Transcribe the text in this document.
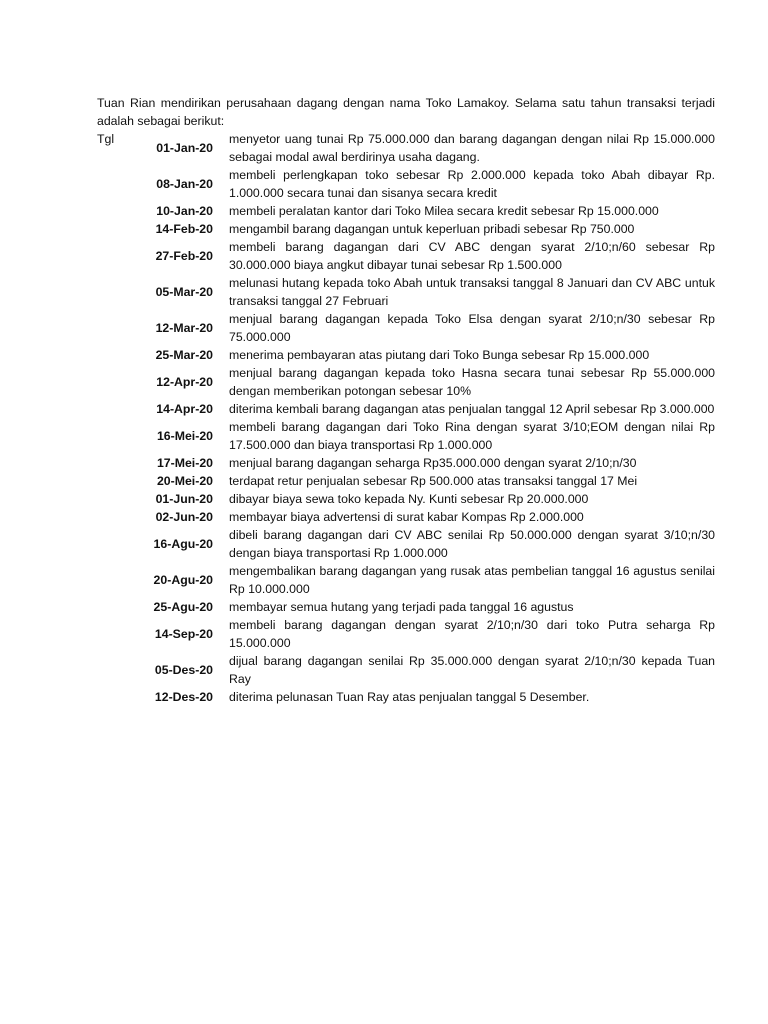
Tuan Rian mendirikan perusahaan dagang dengan nama Toko Lamakoy. Selama satu tahun transaksi terjadi adalah sebagai berikut:
Tgl	01-Jan-20	menyetor uang tunai Rp 75.000.000 dan barang dagangan dengan nilai Rp 15.000.000 sebagai modal awal berdirinya usaha dagang.
	08-Jan-20	membeli perlengkapan toko sebesar Rp 2.000.000 kepada toko Abah dibayar Rp. 1.000.000 secara tunai dan sisanya secara kredit
	10-Jan-20	membeli peralatan kantor dari Toko Milea secara kredit sebesar Rp 15.000.000
	14-Feb-20	mengambil barang dagangan untuk keperluan pribadi sebesar Rp 750.000
	27-Feb-20	membeli barang dagangan dari CV ABC dengan syarat 2/10;n/60 sebesar Rp 30.000.000 biaya angkut dibayar tunai sebesar Rp 1.500.000
	05-Mar-20	melunasi hutang kepada toko Abah untuk transaksi tanggal 8 Januari dan CV ABC untuk transaksi tanggal 27 Februari
	12-Mar-20	menjual barang dagangan kepada Toko Elsa dengan syarat 2/10;n/30 sebesar Rp 75.000.000
	25-Mar-20	menerima pembayaran atas piutang dari Toko Bunga sebesar Rp 15.000.000
	12-Apr-20	menjual barang dagangan kepada toko Hasna secara tunai sebesar Rp 55.000.000 dengan memberikan potongan sebesar 10%
	14-Apr-20	diterima kembali barang dagangan atas penjualan tanggal 12 April sebesar Rp 3.000.000
	16-Mei-20	membeli barang dagangan dari Toko Rina dengan syarat 3/10;EOM dengan nilai Rp 17.500.000 dan biaya transportasi Rp 1.000.000
	17-Mei-20	menjual barang dagangan seharga Rp35.000.000 dengan syarat 2/10;n/30
	20-Mei-20	terdapat retur penjualan sebesar Rp 500.000 atas transaksi tanggal 17 Mei
	01-Jun-20	dibayar biaya sewa toko kepada Ny. Kunti sebesar Rp 20.000.000
	02-Jun-20	membayar biaya advertensi di surat kabar Kompas Rp 2.000.000
	16-Agu-20	dibeli barang dagangan dari CV ABC senilai Rp 50.000.000 dengan syarat 3/10;n/30 dengan biaya transportasi Rp 1.000.000
	20-Agu-20	mengembalikan barang dagangan yang rusak atas pembelian tanggal 16 agustus senilai Rp 10.000.000
	25-Agu-20	membayar semua hutang yang terjadi pada tanggal 16 agustus
	14-Sep-20	membeli barang dagangan dengan syarat 2/10;n/30 dari toko Putra seharga Rp 15.000.000
	05-Des-20	dijual barang dagangan senilai Rp 35.000.000 dengan syarat 2/10;n/30 kepada Tuan Ray
	12-Des-20	diterima pelunasan Tuan Ray atas penjualan tanggal 5 Desember.
